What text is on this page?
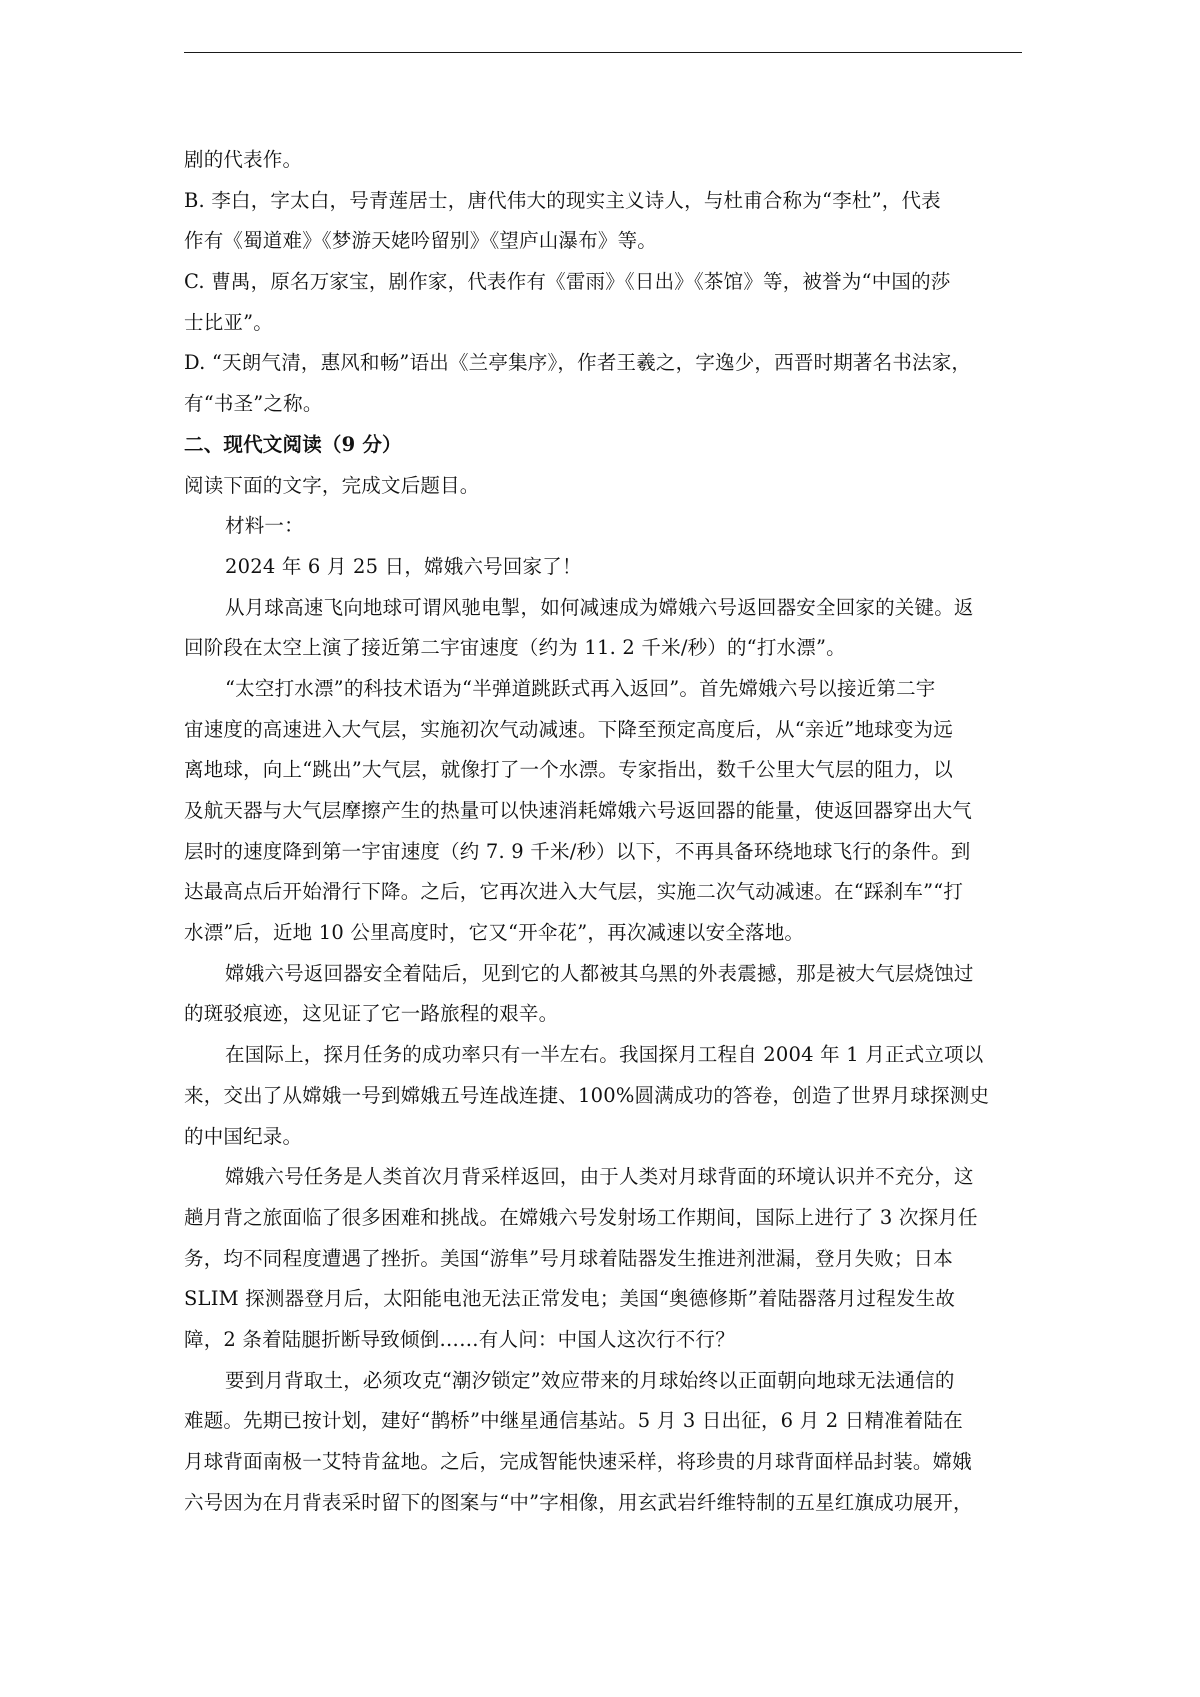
剧的代表作。
B. 李白，字太白，号青莲居士，唐代伟大的现实主义诗人，与杜甫合称为“李杜”，代表
作有《蜀道难》《梦游天姥吟留别》《望庐山瀑布》等。
C. 曹禺，原名万家宝，剧作家，代表作有《雷雨》《日出》《茶馆》等，被誉为“中国的莎
士比亚”。
D. “天朗气清，惠风和畅”语出《兰亭集序》，作者王羲之，字逸少，西晋时期著名书法家，
有“书圣”之称。
二、现代文阅读（9 分）
阅读下面的文字，完成文后题目。
材料一：
2024 年 6 月 25 日，嫦娥六号回家了！
从月球高速飞向地球可谓风驰电掣，如何减速成为嫦娥六号返回器安全回家的关键。返
回阶段在太空上演了接近第二宇宙速度（约为 11. 2 千米/秒）的“打水漂”。
“太空打水漂”的科技术语为“半弹道跳跃式再入返回”。首先嫦娥六号以接近第二宇
宙速度的高速进入大气层，实施初次气动减速。下降至预定高度后，从“亲近”地球变为远
离地球，向上“跳出”大气层，就像打了一个水漂。专家指出，数千公里大气层的阻力，以
及航天器与大气层摩擦产生的热量可以快速消耗嫦娥六号返回器的能量，使返回器穿出大气
层时的速度降到第一宇宙速度（约 7. 9 千米/秒）以下，不再具备环绕地球飞行的条件。到
达最高点后开始滑行下降。之后，它再次进入大气层，实施二次气动减速。在“踩刹车”“打
水漂”后，近地 10 公里高度时，它又“开伞花”，再次减速以安全落地。
嫦娥六号返回器安全着陆后，见到它的人都被其乌黑的外表震撼，那是被大气层烧蚀过
的斑驳痕迹，这见证了它一路旅程的艰辛。
在国际上，探月任务的成功率只有一半左右。我国探月工程自 2004 年 1 月正式立项以
来，交出了从嫦娥一号到嫦娥五号连战连捷、100%圆满成功的答卷，创造了世界月球探测史
的中国纪录。
嫦娥六号任务是人类首次月背采样返回，由于人类对月球背面的环境认识并不充分，这
趟月背之旅面临了很多困难和挑战。在嫦娥六号发射场工作期间，国际上进行了 3 次探月任
务，均不同程度遭遇了挫折。美国“游隼”号月球着陆器发生推进剂泄漏，登月失败；日本
SLIM 探测器登月后，太阳能电池无法正常发电；美国“奥德修斯”着陆器落月过程发生故
障，2 条着陆腿折断导致倾倒……有人问：中国人这次行不行？
要到月背取土，必须攻克“潮汐锁定”效应带来的月球始终以正面朝向地球无法通信的
难题。先期已按计划，建好“鹊桥”中继星通信基站。5 月 3 日出征，6 月 2 日精准着陆在
月球背面南极一艾特肯盆地。之后，完成智能快速采样，将珍贵的月球背面样品封装。嫦娥
六号因为在月背表采时留下的图案与“中”字相像，用玄武岩纤维特制的五星红旗成功展开，
